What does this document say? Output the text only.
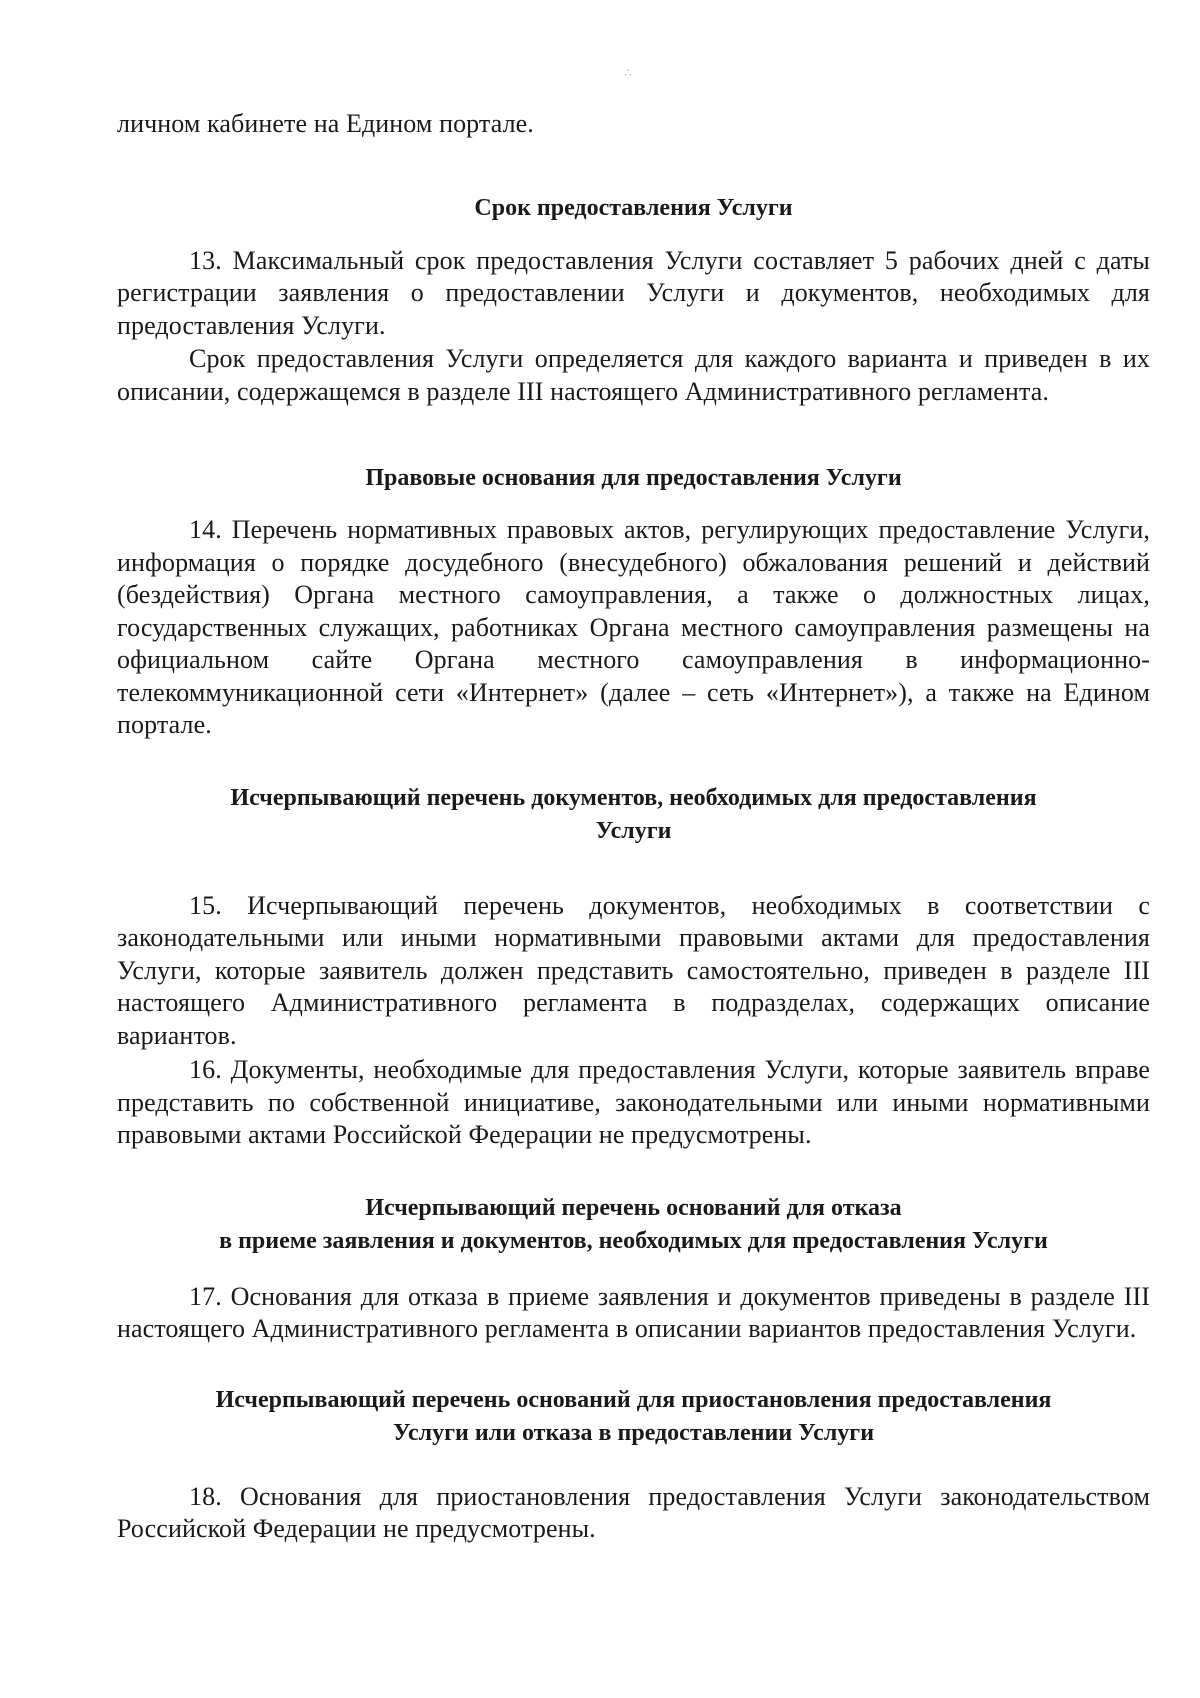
∴

личном кабинете на Едином портале.

Срок предоставления Услуги

13. Максимальный срок предоставления Услуги составляет 5 рабочих дней с даты регистрации заявления о предоставлении Услуги и документов, необходимых для предоставления Услуги.

Срок предоставления Услуги определяется для каждого варианта и приведен в их описании, содержащемся в разделе III настоящего Административного регламента.

Правовые основания для предоставления Услуги

14. Перечень нормативных правовых актов, регулирующих предоставление Услуги, информация о порядке досудебного (внесудебного) обжалования решений и действий (бездействия) Органа местного самоуправления, а также о должностных лицах, государственных служащих, работниках Органа местного самоуправления размещены на официальном сайте Органа местного самоуправления в информационно-телекоммуникационной сети «Интернет» (далее – сеть «Интернет»), а также на Едином портале.

Исчерпывающий перечень документов, необходимых для предоставления
Услуги

15. Исчерпывающий перечень документов, необходимых в соответствии с законодательными или иными нормативными правовыми актами для предоставления Услуги, которые заявитель должен представить самостоятельно, приведен в разделе III настоящего Административного регламента в подразделах, содержащих описание вариантов.

16. Документы, необходимые для предоставления Услуги, которые заявитель вправе представить по собственной инициативе, законодательными или иными нормативными правовыми актами Российской Федерации не предусмотрены.

Исчерпывающий перечень оснований для отказа
в приеме заявления и документов, необходимых для предоставления Услуги

17. Основания для отказа в приеме заявления и документов приведены в разделе III настоящего Административного регламента в описании вариантов предоставления Услуги.

Исчерпывающий перечень оснований для приостановления предоставления
Услуги или отказа в предоставлении Услуги

18. Основания для приостановления предоставления Услуги законодательством Российской Федерации не предусмотрены.
